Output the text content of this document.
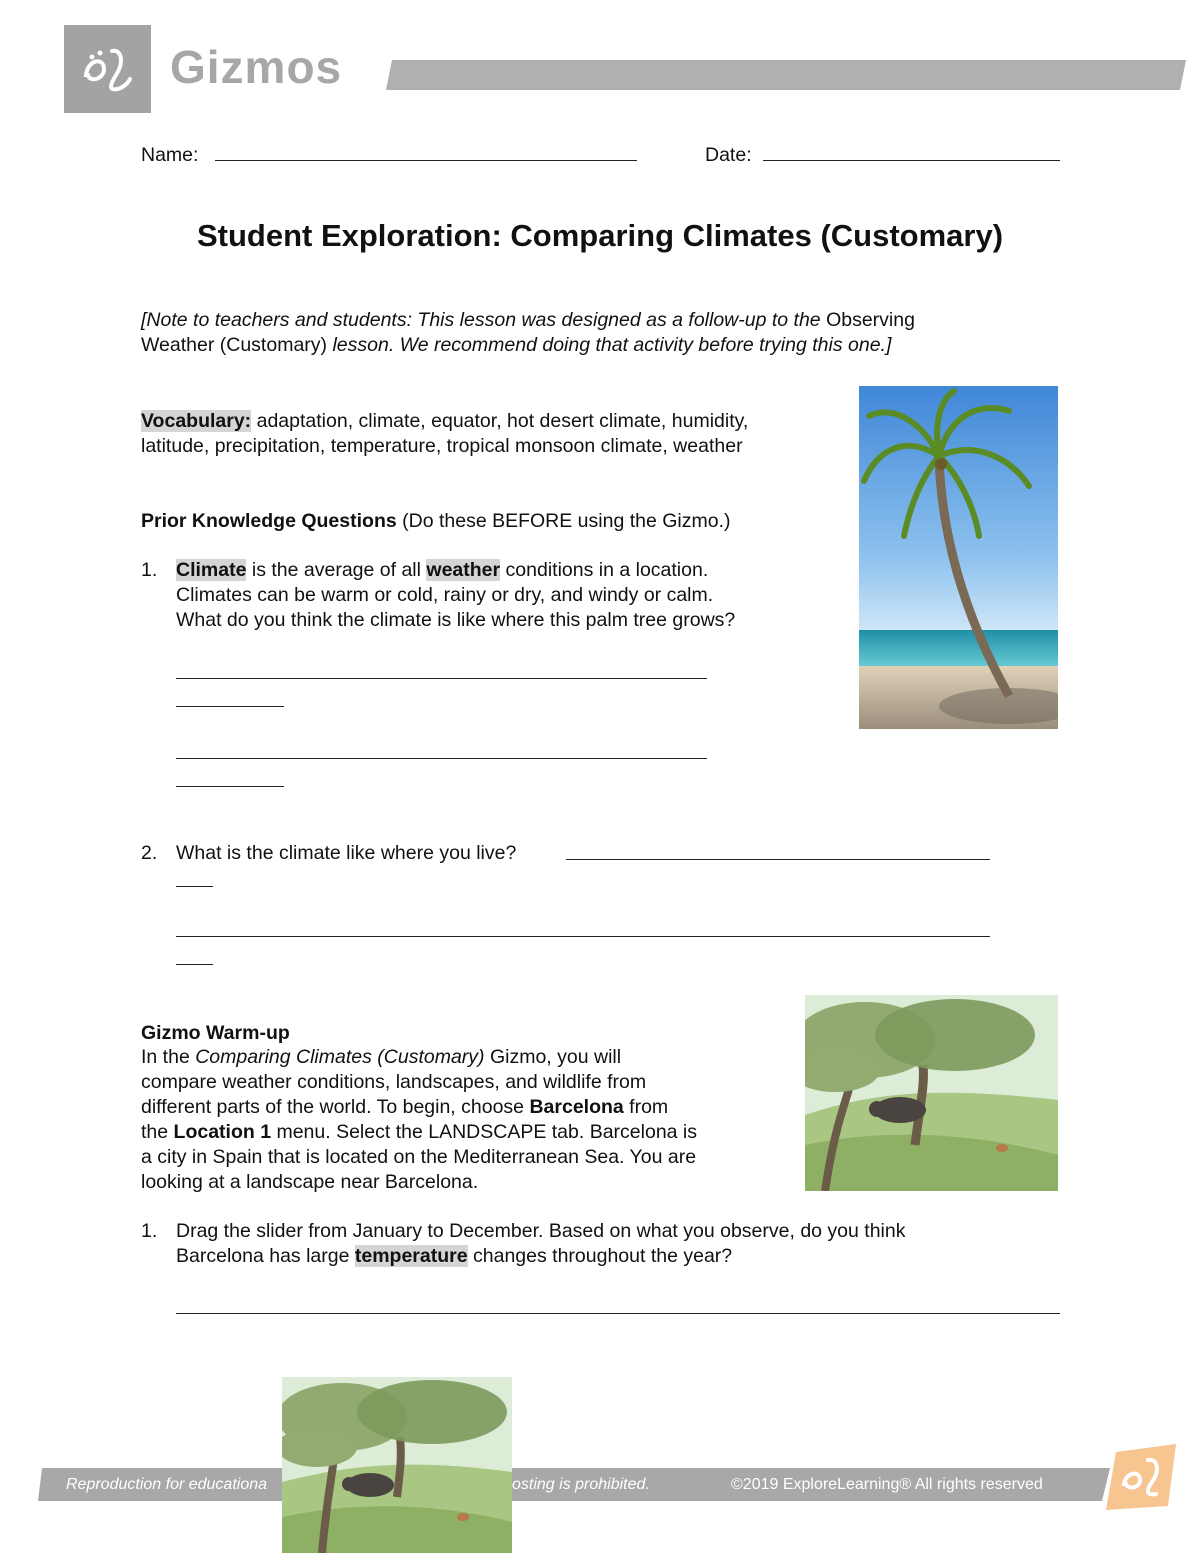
Gizmos
Name:	Date:
Student Exploration: Comparing Climates (Customary)
[Note to teachers and students: This lesson was designed as a follow-up to the Observing
Weather (Customary) lesson. We recommend doing that activity before trying this one.]
Vocabulary: adaptation, climate, equator, hot desert climate, humidity,
latitude, precipitation, temperature, tropical monsoon climate, weather
Prior Knowledge Questions (Do these BEFORE using the Gizmo.)
1. Climate is the average of all weather conditions in a location.
Climates can be warm or cold, rainy or dry, and windy or calm.
What do you think the climate is like where this palm tree grows?
2. What is the climate like where you live?
Gizmo Warm-up
In the Comparing Climates (Customary) Gizmo, you will
compare weather conditions, landscapes, and wildlife from
different parts of the world. To begin, choose Barcelona from
the Location 1 menu. Select the LANDSCAPE tab. Barcelona is
a city in Spain that is located on the Mediterranean Sea. You are
looking at a landscape near Barcelona.
1. Drag the slider from January to December. Based on what you observe, do you think
Barcelona has large temperature changes throughout the year?
Reproduction for educationa	osting is prohibited.	©2019 ExploreLearning® All rights reserved
